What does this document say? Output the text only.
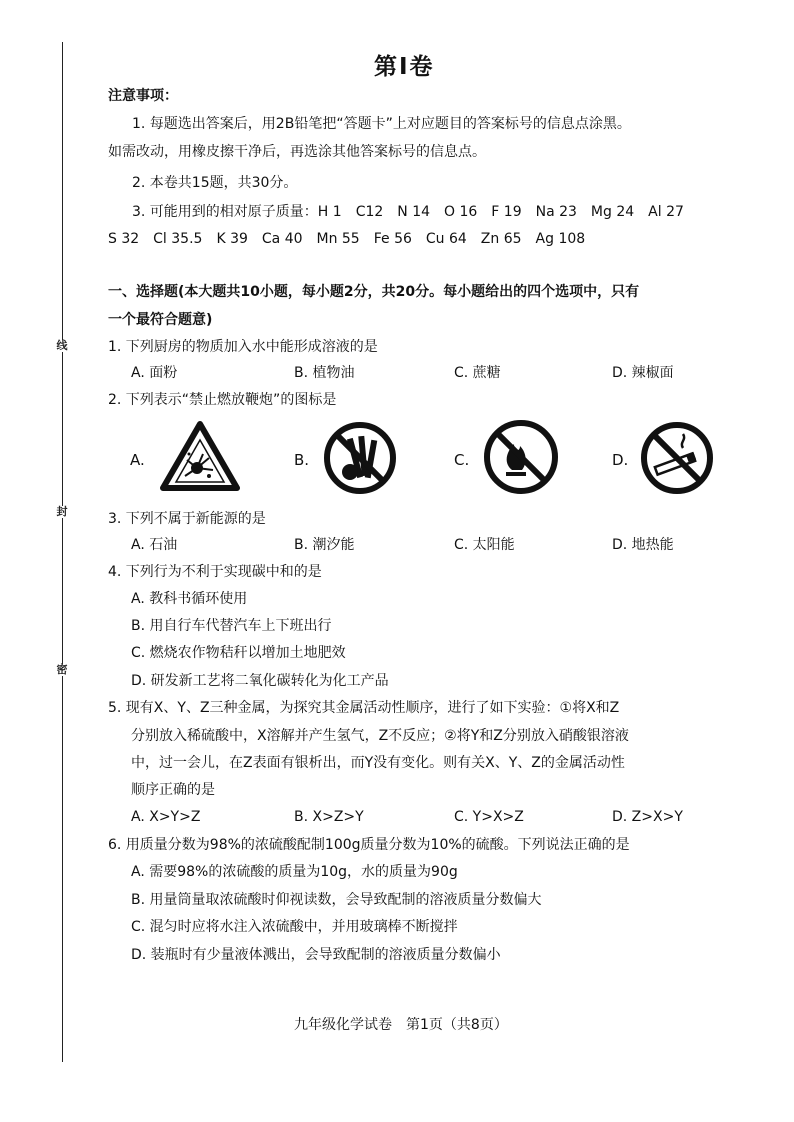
线
封
密
第Ⅰ卷
注意事项：
1. 每题选出答案后，用2B铅笔把“答题卡”上对应题目的答案标号的信息点涂黑。
如需改动，用橡皮擦干净后，再选涂其他答案标号的信息点。
2. 本卷共15题，共30分。
3. 可能用到的相对原子质量：H 1　C12　N 14　O 16　F 19　Na 23　Mg 24　Al 27
S 32　Cl 35.5　K 39　Ca 40　Mn 55　Fe 56　Cu 64　Zn 65　Ag 108
一、选择题(本大题共10小题，每小题2分，共20分。每小题给出的四个选项中，只有
一个最符合题意)
1. 下列厨房的物质加入水中能形成溶液的是
A. 面粉	B. 植物油	C. 蔗糖	D. 辣椒面
2. 下列表示“禁止燃放鞭炮”的图标是
A.	B.	C.	D.
3. 下列不属于新能源的是
A. 石油	B. 潮汐能	C. 太阳能	D. 地热能
4. 下列行为不利于实现碳中和的是
A. 教科书循环使用
B. 用自行车代替汽车上下班出行
C. 燃烧农作物秸秆以增加土地肥效
D. 研发新工艺将二氧化碳转化为化工产品
5. 现有X、Y、Z三种金属，为探究其金属活动性顺序，进行了如下实验：①将X和Z
分别放入稀硫酸中，X溶解并产生氢气，Z不反应；②将Y和Z分别放入硝酸银溶液
中，过一会儿，在Z表面有银析出，而Y没有变化。则有关X、Y、Z的金属活动性
顺序正确的是
A. X>Y>Z	B. X>Z>Y	C. Y>X>Z	D. Z>X>Y
6. 用质量分数为98%的浓硫酸配制100g质量分数为10%的硫酸。下列说法正确的是
A. 需要98%的浓硫酸的质量为10g，水的质量为90g
B. 用量筒量取浓硫酸时仰视读数，会导致配制的溶液质量分数偏大
C. 混匀时应将水注入浓硫酸中，并用玻璃棒不断搅拌
D. 装瓶时有少量液体溅出，会导致配制的溶液质量分数偏小
九年级化学试卷　第1页（共8页）
